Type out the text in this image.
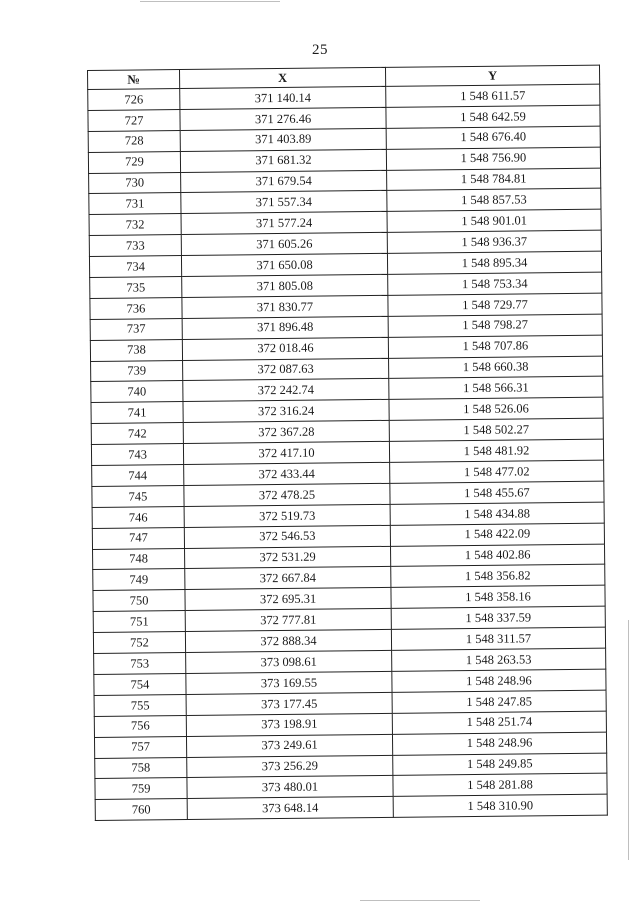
25
№	X	Y
726	371 140.14	1 548 611.57
727	371 276.46	1 548 642.59
728	371 403.89	1 548 676.40
729	371 681.32	1 548 756.90
730	371 679.54	1 548 784.81
731	371 557.34	1 548 857.53
732	371 577.24	1 548 901.01
733	371 605.26	1 548 936.37
734	371 650.08	1 548 895.34
735	371 805.08	1 548 753.34
736	371 830.77	1 548 729.77
737	371 896.48	1 548 798.27
738	372 018.46	1 548 707.86
739	372 087.63	1 548 660.38
740	372 242.74	1 548 566.31
741	372 316.24	1 548 526.06
742	372 367.28	1 548 502.27
743	372 417.10	1 548 481.92
744	372 433.44	1 548 477.02
745	372 478.25	1 548 455.67
746	372 519.73	1 548 434.88
747	372 546.53	1 548 422.09
748	372 531.29	1 548 402.86
749	372 667.84	1 548 356.82
750	372 695.31	1 548 358.16
751	372 777.81	1 548 337.59
752	372 888.34	1 548 311.57
753	373 098.61	1 548 263.53
754	373 169.55	1 548 248.96
755	373 177.45	1 548 247.85
756	373 198.91	1 548 251.74
757	373 249.61	1 548 248.96
758	373 256.29	1 548 249.85
759	373 480.01	1 548 281.88
760	373 648.14	1 548 310.90
